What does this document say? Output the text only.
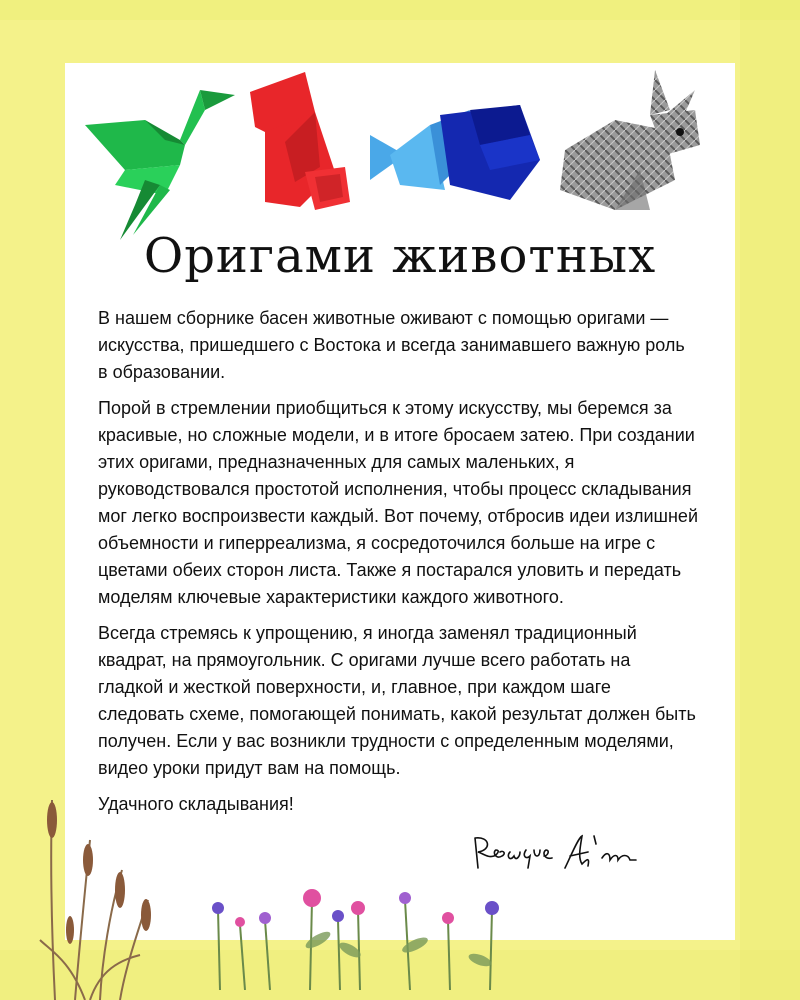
Оригами животных

В нашем сборнике басен животные оживают с помощью оригами — искусства, пришедшего с Востока и всегда занимавшего важную роль в образовании.

Порой в стремлении приобщиться к этому искусству, мы беремся за красивые, но сложные модели, и в итоге бросаем затею. При создании этих оригами, предназначенных для самых маленьких, я руководствовался простотой исполнения, чтобы процесс складывания мог легко воспроизвести каждый. Вот почему, отбросив идеи излишней объемности и гиперреализма, я сосредоточился больше на игре с цветами обеих сторон листа. Также я постарался уловить и передать моделям ключевые характеристики каждого животного.

Всегда стремясь к упрощению, я иногда заменял традиционный квадрат, на прямоугольник. С оригами лучше всего работать на гладкой и жесткой поверхности, и, главное, при каждом шаге следовать схеме, помогающей понимать, какой результат должен быть получен. Если у вас возникли трудности с определенным моделями, видео уроки придут вам на помощь.

Удачного складывания!
